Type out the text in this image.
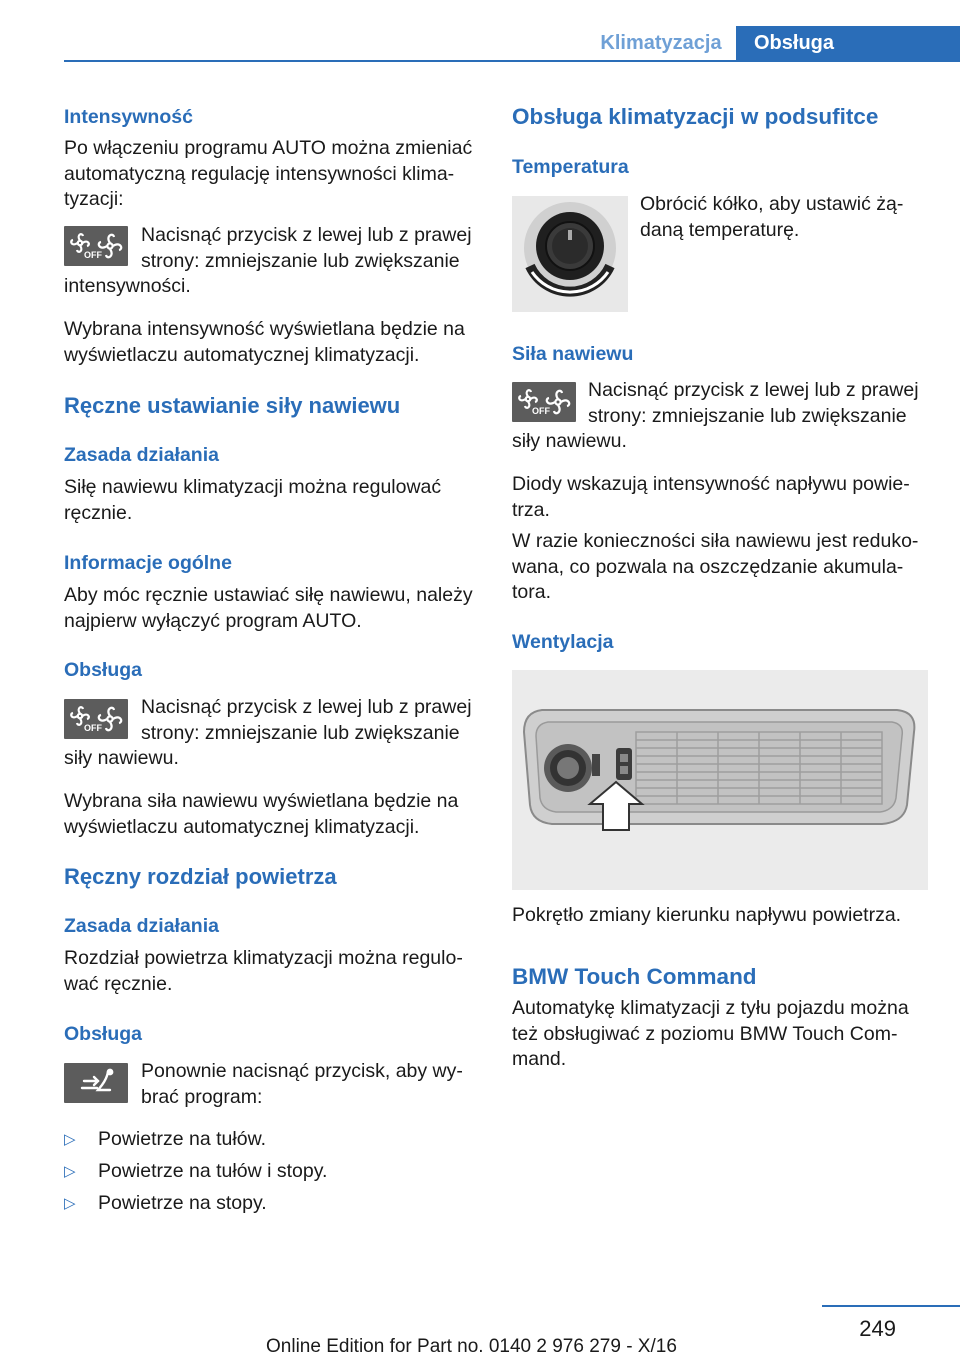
Klimatyzacja	Obsługa
Intensywność
Po włączeniu programu AUTO można zmieniać
automatyczną regulację intensywności klima-
tyzacji:
OFF
Nacisnąć przycisk z lewej lub z prawej
strony: zmniejszanie lub zwiększanie
intensywności.
Wybrana intensywność wyświetlana będzie na
wyświetlaczu automatycznej klimatyzacji.
Ręczne ustawianie siły nawiewu
Zasada działania
Siłę nawiewu klimatyzacji można regulować
ręcznie.
Informacje ogólne
Aby móc ręcznie ustawiać siłę nawiewu, należy
najpierw wyłączyć program AUTO.
Obsługa
OFF
Nacisnąć przycisk z lewej lub z prawej
strony: zmniejszanie lub zwiększanie
siły nawiewu.
Wybrana siła nawiewu wyświetlana będzie na
wyświetlaczu automatycznej klimatyzacji.
Ręczny rozdział powietrza
Zasada działania
Rozdział powietrza klimatyzacji można regulo-
wać ręcznie.
Obsługa
Ponownie nacisnąć przycisk, aby wy-
brać program:
▷ Powietrze na tułów.
▷ Powietrze na tułów i stopy.
▷ Powietrze na stopy.
Obsługa klimatyzacji w podsufitce
Temperatura
Obrócić kółko, aby ustawić żą-
daną temperaturę.
Siła nawiewu
OFF
Nacisnąć przycisk z lewej lub z prawej
strony: zmniejszanie lub zwiększanie
siły nawiewu.
Diody wskazują intensywność napływu powie-
trza.
W razie konieczności siła nawiewu jest reduko-
wana, co pozwala na oszczędzanie akumula-
tora.
Wentylacja
Pokrętło zmiany kierunku napływu powietrza.
BMW Touch Command
Automatykę klimatyzacji z tyłu pojazdu można
też obsługiwać z poziomu BMW Touch Com-
mand.
249
Online Edition for Part no. 0140 2 976 279 - X/16
